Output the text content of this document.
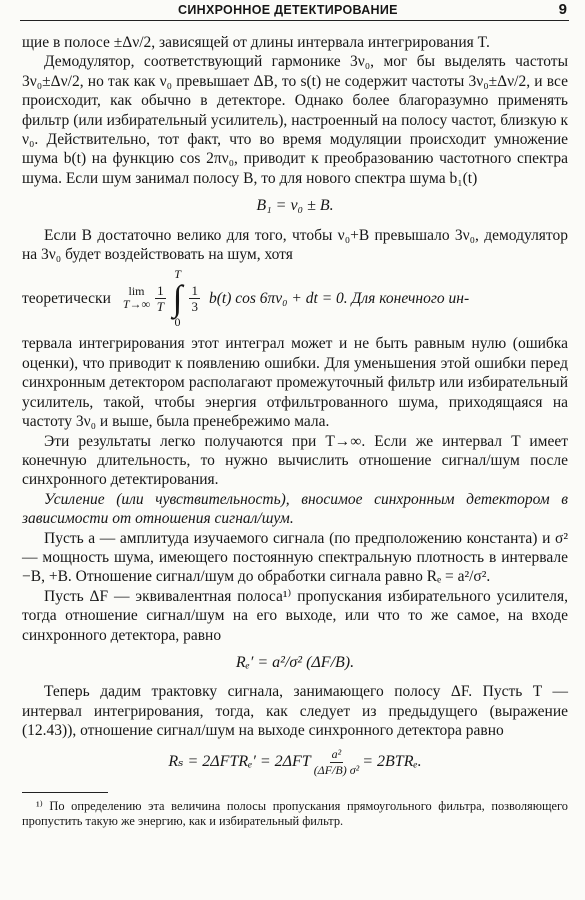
СИНХРОННОЕ ДЕТЕКТИРОВАНИЕ	9

щие в полосе ±Δν/2, зависящей от длины интервала интегрирования T.

Демодулятор, соответствующий гармонике 3ν₀, мог бы выделять частоты 3ν₀±Δν/2, но так как ν₀ превышает ΔB, то s(t) не содержит частоты 3ν₀±Δν/2, и все происходит, как обычно в детекторе. Однако более благоразумно применять фильтр (или избирательный усилитель), настроенный на полосу частот, близкую к ν₀. Действительно, тот факт, что во время модуляции происходит умножение шума b(t) на функцию cos 2πν₀, приводит к преобразованию частотного спектра шума. Если шум занимал полосу B, то для нового спектра шума b₁(t)

B₁ = ν₀ ± B.

Если B достаточно велико для того, чтобы ν₀+B превышало 3ν₀, демодулятор на 3ν₀ будет воздействовать на шум, хотя

теоретически lim
$T\to\infty \frac{1}{T}$
T
∫
0
$\frac{1}{3} b(t)$ cos 6πν₀ + dt = 0. Для конечного ин-

тервала интегрирования этот интеграл может и не быть равным нулю (ошибка оценки), что приводит к появлению ошибки. Для уменьшения этой ошибки перед синхронным детектором располагают промежуточный фильтр или избирательный усилитель, такой, чтобы энергия отфильтрованного шума, приходящаяся на частоту 3ν₀ и выше, была пренебрежимо мала.

Эти результаты легко получаются при T→∞. Если же интервал T имеет конечную длительность, то нужно вычислить отношение сигнал/шум после синхронного детектирования.

Усиление (или чувствительность), вносимое синхронным детектором в зависимости от отношения сигнал/шум.

Пусть a — амплитуда изучаемого сигнала (по предположению константа) и σ² — мощность шума, имеющего постоянную спектральную плотность в интервале −B, +B. Отношение сигнал/шум до обработки сигнала равно Rₑ = a²/σ².

Пусть ΔF — эквивалентная полоса¹⁾ пропускания избирательного усилителя, тогда отношение сигнал/шум на его выходе, или что то же самое, на входе синхронного детектора, равно

Rₑ′ = a²/σ² (ΔF/B).

Теперь дадим трактовку сигнала, занимающего полосу ΔF. Пусть T — интервал интегрирования, тогда, как следует из предыдущего (выражение (12.43)), отношение сигнал/шум на выходе синхронного детектора равно

$R_s = 2\Delta FTR_e' = 2\Delta FT \frac{\text{a²}}{\text{(ΔF/B) σ²}} = 2BTR_e$.

¹⁾ По определению эта величина полосы пропускания прямоугольного фильтра, позволяющего пропустить такую же энергию, как и избирательный фильтр.
